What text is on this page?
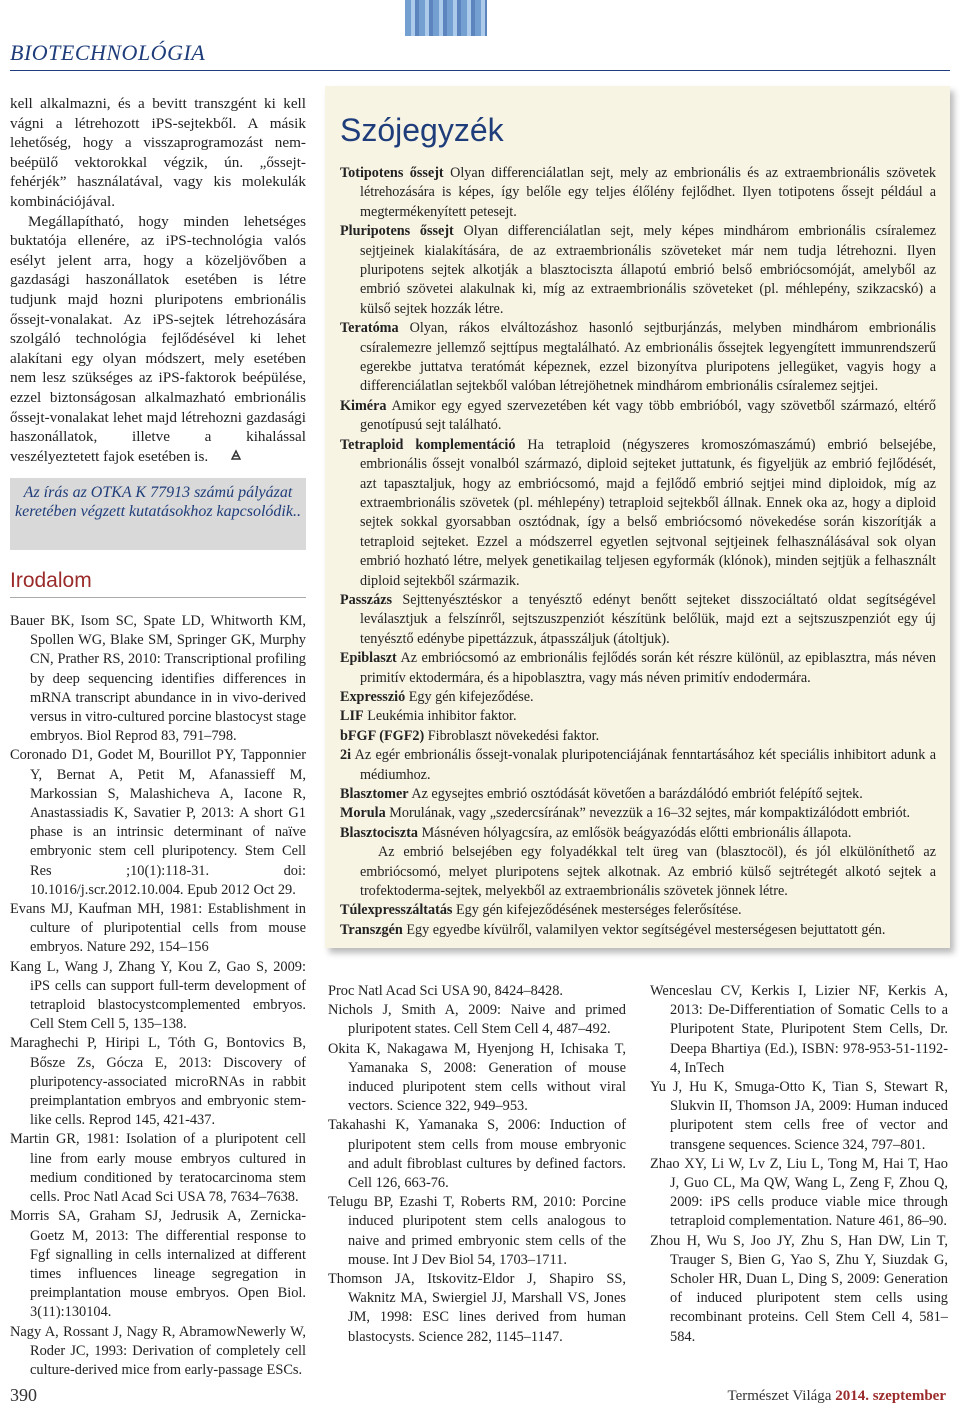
BIOTECHNOLÓGIA

kell alkalmazni, és a bevitt transzgént ki kell vágni a létrehozott iPS-sejtekből. A másik lehetőség, hogy a visszaprogramozást nem-beépülő vektorokkal végzik, ún. „őssejt-fehérjék” használatával, vagy kis molekulák kombinációjával.

Megállapítható, hogy minden lehetséges buktatója ellenére, az iPS-technológia valós esélyt jelent arra, hogy a közeljövőben a gazdasági haszonállatok esetében is létre tudjunk majd hozni pluripotens embrionális őssejt-vonalakat. Az iPS-sejtek létrehozására szolgáló technológia fejlődésével ki lehet alakítani egy olyan módszert, mely esetében nem lesz szükséges az iPS-faktorok beépülése, ezzel biztonságosan alkalmazható embrionális őssejt-vonalakat lehet majd létrehozni gazdasági haszonállatok, illetve a kihalással veszélyeztetett fajok esetében is.

Az írás az OTKA K 77913 számú pályázat keretében végzett kutatásokhoz kapcsolódik..
Irodalom

Bauer BK, Isom SC, Spate LD, Whitworth KM, Spollen WG, Blake SM, Springer GK, Murphy CN, Prather RS, 2010: Transcriptional profiling by deep sequencing identifies differences in mRNA transcript abundance in in vivo-derived versus in vitro-cultured porcine blastocyst stage embryos. Biol Reprod 83, 791–798.

Coronado D1, Godet M, Bourillot PY, Tapponnier Y, Bernat A, Petit M, Afanassieff M, Markossian S, Malashicheva A, Iacone R, Anastassiadis K, Savatier P, 2013: A short G1 phase is an intrinsic determinant of naïve embryonic stem cell pluripotency. Stem Cell Res ;10(1):118-31. doi: 10.1016/j.scr.2012.10.004. Epub 2012 Oct 29.

Evans MJ, Kaufman MH, 1981: Establishment in culture of pluripotential cells from mouse embryos. Nature 292, 154–156

Kang L, Wang J, Zhang Y, Kou Z, Gao S, 2009: iPS cells can support full-term development of tetraploid blastocystcomplemented embryos. Cell Stem Cell 5, 135–138.

Maraghechi P, Hiripi L, Tóth G, Bontovics B, Bősze Zs, Gócza E, 2013: Discovery of pluripotency-associated microRNAs in rabbit preimplantation embryos and embryonic stem-like cells. Reprod 145, 421-437.

Martin GR, 1981: Isolation of a pluripotent cell line from early mouse embryos cultured in medium conditioned by teratocarcinoma stem cells. Proc Natl Acad Sci USA 78, 7634–7638.

Morris SA, Graham SJ, Jedrusik A, Zernicka-Goetz M, 2013: The differential response to Fgf signalling in cells internalized at different times influences lineage segregation in preimplantation mouse embryos. Open Biol. 3(11):130104.

Nagy A, Rossant J, Nagy R, AbramowNewerly W, Roder JC, 1993: Derivation of completely cell culture-derived mice from early-passage ESCs.

Proc Natl Acad Sci USA 90, 8424–8428.

Nichols J, Smith A, 2009: Naive and primed pluripotent states. Cell Stem Cell 4, 487–492.

Okita K, Nakagawa M, Hyenjong H, Ichisaka T, Yamanaka S, 2008: Generation of mouse induced pluripotent stem cells without viral vectors. Science 322, 949–953.

Takahashi K, Yamanaka S, 2006: Induction of pluripotent stem cells from mouse embryonic and adult fibroblast cultures by defined factors. Cell 126, 663-76.

Telugu BP, Ezashi T, Roberts RM, 2010: Porcine induced pluripotent stem cells analogous to naive and primed embryonic stem cells of the mouse. Int J Dev Biol 54, 1703–1711.

Thomson JA, Itskovitz-Eldor J, Shapiro SS, Waknitz MA, Swiergiel JJ, Marshall VS, Jones JM, 1998: ESC lines derived from human blastocysts. Science 282, 1145–1147.

Wenceslau CV, Kerkis I, Lizier NF, Kerkis A, 2013: De-Differentiation of Somatic Cells to a Pluripotent State, Pluripotent Stem Cells, Dr. Deepa Bhartiya (Ed.), ISBN: 978-953-51-1192-4, InTech

Yu J, Hu K, Smuga-Otto K, Tian S, Stewart R, Slukvin II, Thomson JA, 2009: Human induced pluripotent stem cells free of vector and transgene sequences. Science 324, 797–801.

Zhao XY, Li W, Lv Z, Liu L, Tong M, Hai T, Hao J, Guo CL, Ma QW, Wang L, Zeng F, Zhou Q, 2009: iPS cells produce viable mice through tetraploid complementation. Nature 461, 86–90.

Zhou H, Wu S, Joo JY, Zhu S, Han DW, Lin T, Trauger S, Bien G, Yao S, Zhu Y, Siuzdak G, Scholer HR, Duan L, Ding S, 2009: Generation of induced pluripotent stem cells using recombinant proteins. Cell Stem Cell 4, 581–584.

Szójegyzék

Totipotens őssejt Olyan differenciálatlan sejt, mely az embrionális és az extraembrionális szövetek létrehozására is képes, így belőle egy teljes élőlény fejlődhet. Ilyen totipotens őssejt például a megtermékenyített petesejt.

Pluripotens őssejt Olyan differenciálatlan sejt, mely képes mindhárom embrionális csíralemez sejtjeinek kialakítására, de az extraembrionális szöveteket már nem tudja létrehozni. Ilyen pluripotens sejtek alkotják a blasztociszta állapotú embrió belső embriócsomóját, amelyből az embrió szövetei alakulnak ki, míg az extraembrionális szöveteket (pl. méhlepény, szikzacskó) a külső sejtek hozzák létre.

Teratóma Olyan, rákos elváltozáshoz hasonló sejtburjánzás, melyben mindhárom embrionális csíralemezre jellemző sejttípus megtalálható. Az embrionális őssejtek legyengített immunrendszerű egerekbe juttatva teratómát képeznek, ezzel bizonyítva pluripotens jellegüket, vagyis hogy a differenciálatlan sejtekből valóban létrejöhetnek mindhárom embrionális csíralemez sejtjei.

Kiméra Amikor egy egyed szervezetében két vagy több embrióból, vagy szövetből származó, eltérő genotípusú sejt található.

Tetraploid komplementáció Ha tetraploid (négyszeres kromoszómaszámú) embrió belsejébe, embrionális őssejt vonalból származó, diploid sejteket juttatunk, és figyeljük az embrió fejlődését, azt tapasztaljuk, hogy az embriócsomó, majd a fejlődő embrió sejtjei mind diploidok, míg az extraembrionális szövetek (pl. méhlepény) tetraploid sejtekből állnak. Ennek oka az, hogy a diploid sejtek sokkal gyorsabban osztódnak, így a belső embriócsomó növekedése során kiszorítják a tetraploid sejteket. Ezzel a módszerrel egyetlen sejtvonal sejtjeinek felhasználásával sok olyan embrió hozható létre, melyek genetikailag teljesen egyformák (klónok), minden sejtjük a felhasznált diploid sejtekből származik.

Passzázs Sejttenyésztéskor a tenyésztő edényt benőtt sejteket disszociáltató oldat segítségével leválasztjuk a felszínről, sejtszuszpenziót készítünk belőlük, majd ezt a sejtszuszpenziót egy új tenyésztő edénybe pipettázzuk, átpasszáljuk (átoltjuk).

Epiblaszt Az embriócsomó az embrionális fejlődés során két részre különül, az epiblasztra, más néven primitív ektodermára, és a hipoblasztra, vagy más néven primitív endodermára.

Expresszió Egy gén kifejeződése.

LIF Leukémia inhibitor faktor.

bFGF (FGF2) Fibroblaszt növekedési faktor.

2i Az egér embrionális őssejt-vonalak pluripotenciájának fenntartásához két speciális inhibitort adunk a médiumhoz.

Blasztomer Az egysejtes embrió osztódását követően a barázdálódó embriót felépítő sejtek.

Morula Morulának, vagy „szedercsírának” nevezzük a 16–32 sejtes, már kompaktizálódott embriót.

Blasztociszta Másnéven hólyagcsíra, az emlősök beágyazódás előtti embrionális állapota.

Az embrió belsejében egy folyadékkal telt üreg van (blasztocöl), és jól elkülöníthető az embriócsomó, melyet pluripotens sejtek alkotnak. Az embrió külső sejtrétegét alkotó sejtek a trofektoderma-sejtek, melyekből az extraembrionális szövetek jönnek létre.

Túlexpresszáltatás Egy gén kifejeződésének mesterséges felerősítése.

Transzgén Egy egyedbe kívülről, valamilyen vektor segítségével mesterségesen bejuttatott gén.

390	Természet Világa 2014. szeptember
